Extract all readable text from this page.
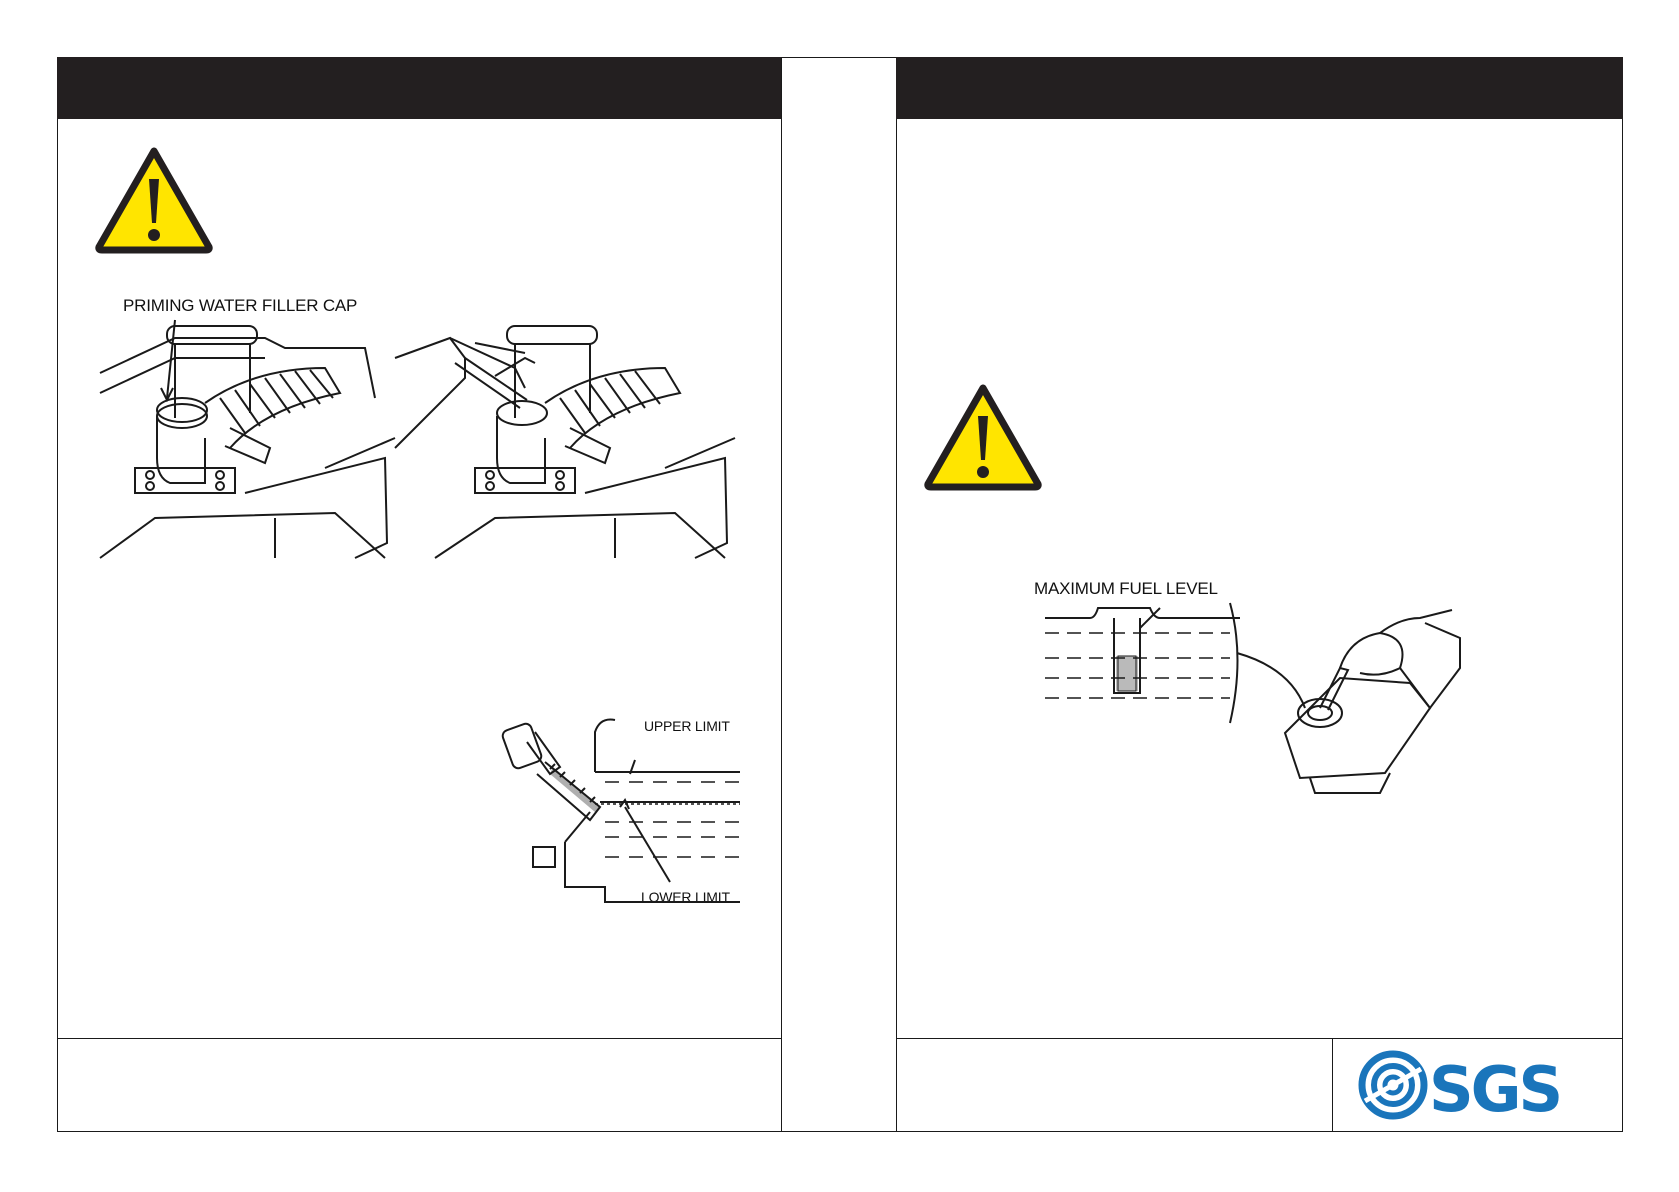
PRIMING WATER FILLER CAP
UPPER LIMIT
LOWER LIMIT
MAXIMUM FUEL LEVEL
SGS
